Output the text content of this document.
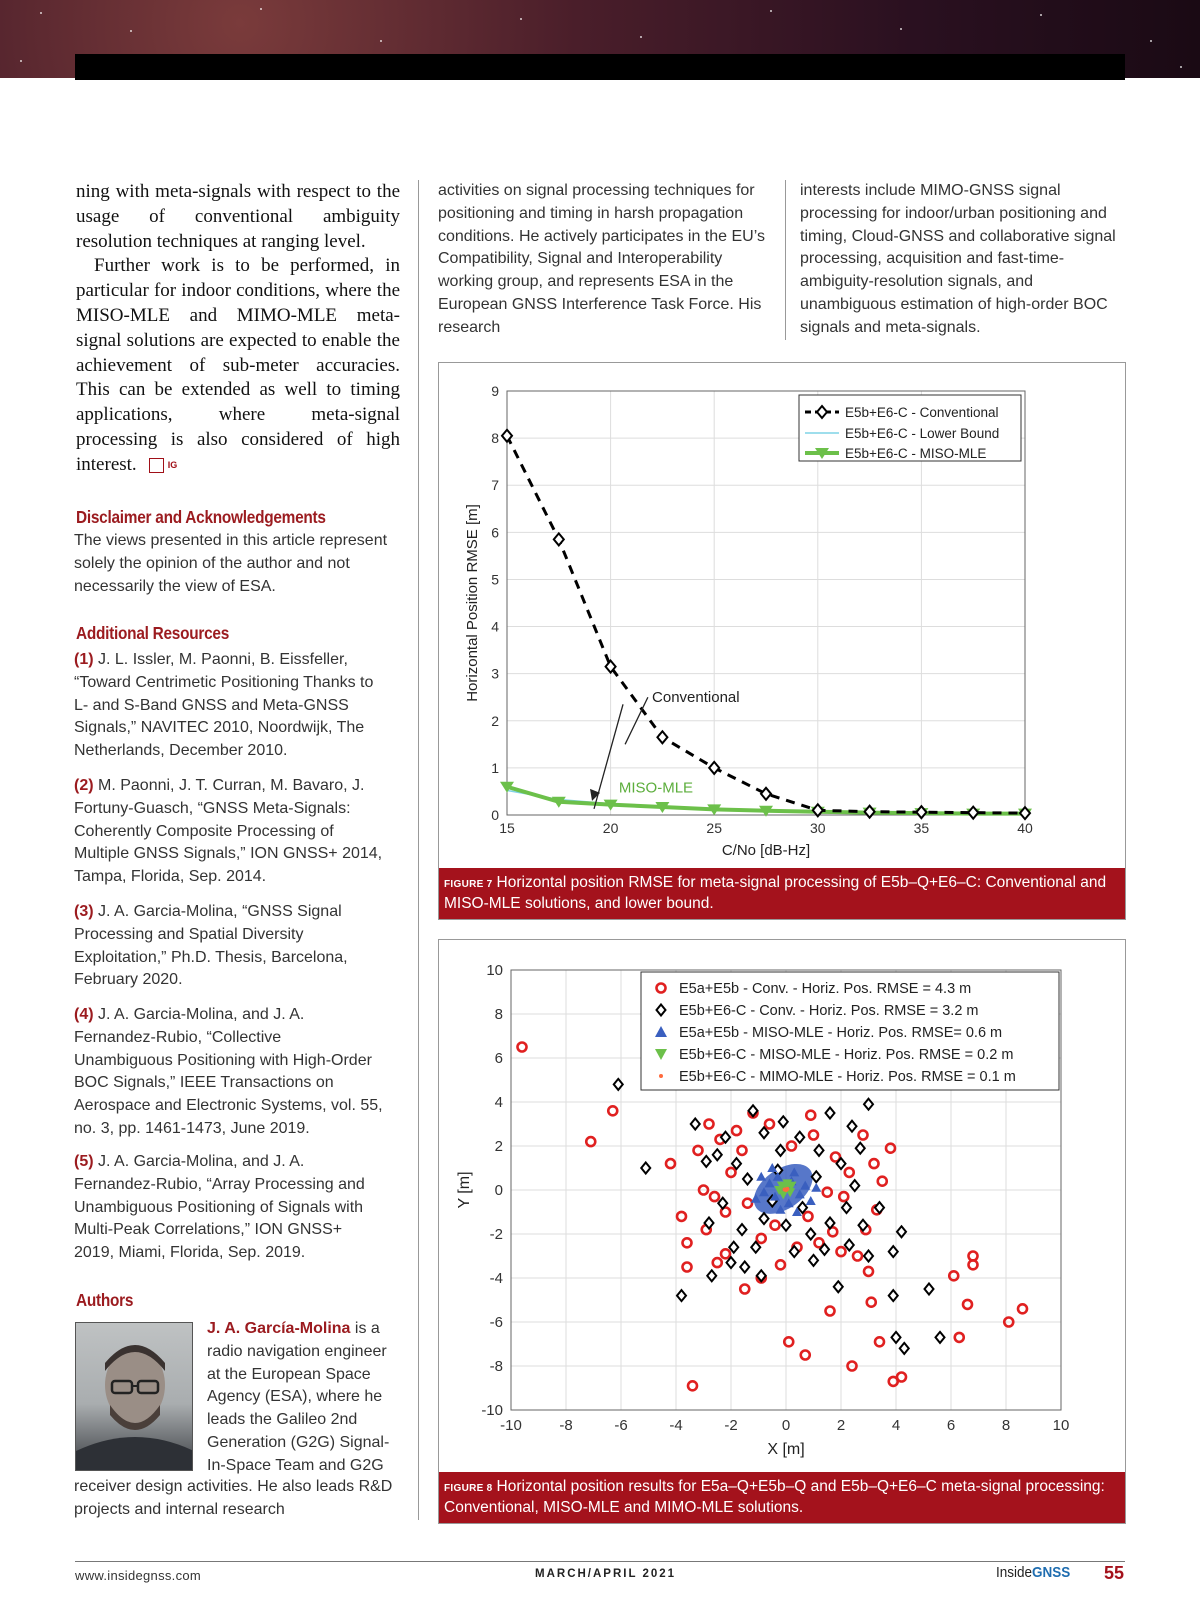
ning with meta-signals with respect to the usage of conventional ambiguity resolution techniques at ranging level.

Further work is to be performed, in particular for indoor conditions, where the MISO-MLE and MIMO-MLE meta-signal solutions are expected to enable the achievement of sub-meter accuracies. This can be extended as well to timing applications, where meta-signal processing is also considered of high interest.	IG

Disclaimer and Acknowledgements
The views presented in this article represent solely the opinion of the author and not necessarily the view of ESA.
Additional Resources
(1) J. L. Issler, M. Paonni, B. Eissfeller, “Toward Centrimetic Positioning Thanks to L- and S-Band GNSS and Meta-GNSS Signals,” NAVITEC 2010, Noordwijk, The Netherlands, December 2010.
(2) M. Paonni, J. T. Curran, M. Bavaro, J. Fortuny-Guasch, “GNSS Meta-Signals: Coherently Composite Processing of Multiple GNSS Signals,” ION GNSS+ 2014, Tampa, Florida, Sep. 2014.
(3) J. A. Garcia-Molina, “GNSS Signal Processing and Spatial Diversity Exploitation,” Ph.D. Thesis, Barcelona, February 2020.
(4) J. A. Garcia-Molina, and J. A. Fernandez-Rubio, “Collective Unambiguous Positioning with High-Order BOC Signals,” IEEE Transactions on Aerospace and Electronic Systems, vol. 55, no. 3, pp. 1461-1473, June 2019.
(5) J. A. Garcia-Molina, and J. A. Fernandez-Rubio, “Array Processing and Unambiguous Positioning of Signals with Multi-Peak Correlations,” ION GNSS+ 2019, Miami, Florida, Sep. 2019.
Authors
J. A. García-Molina is a radio navigation engineer at the European Space Agency (ESA), where he leads the Galileo 2nd Generation (G2G) Signal-In-Space Team and G2G
receiver design activities. He also leads R&D projects and internal research
activities on signal processing techniques for positioning and timing in harsh propagation conditions. He actively participates in the EU’s Compatibility, Signal and Interoperability working group, and represents ESA in the European GNSS Interference Task Force. His research
interests include MIMO-GNSS signal processing for indoor/urban positioning and timing, Cloud-GNSS and collaborative signal processing, acquisition and fast-time-ambiguity-resolution signals, and unambiguous estimation of high-order BOC signals and meta-signals.
15	20	25	30	35	40
0
1
2
3
4
5
6
7
8
9
C/No [dB-Hz]
Horizontal Position RMSE [m]	Conventional
MISO-MLE
E5b+E6-C - Conventional
E5b+E6-C - Lower Bound
E5b+E6-C - MISO-MLE
FIGURE 7 Horizontal position RMSE for meta-signal processing of E5b–Q+E6–C: Conventional and MISO-MLE solutions, and lower bound.
-10 -8	-6	-4	-2	0	2	4	6	8	10
-10
-8
-6
-4
-2
0
2
4
6
8
10
X [m]
Y [m]
E5a+E5b - Conv. - Horiz. Pos. RMSE = 4.3 m
E5b+E6-C - Conv. - Horiz. Pos. RMSE = 3.2 m
E5a+E5b - MISO-MLE - Horiz. Pos. RMSE= 0.6 m
E5b+E6-C - MISO-MLE - Horiz. Pos. RMSE = 0.2 m
E5b+E6-C - MIMO-MLE - Horiz. Pos. RMSE = 0.1 m
FIGURE 8 Horizontal position results for E5a–Q+E5b–Q and E5b–Q+E6–C meta-signal processing: Conventional, MISO-MLE and MIMO-MLE solutions.
www.insidegnss.com	MARCH/APRIL 2021	InsideGNSS 55
